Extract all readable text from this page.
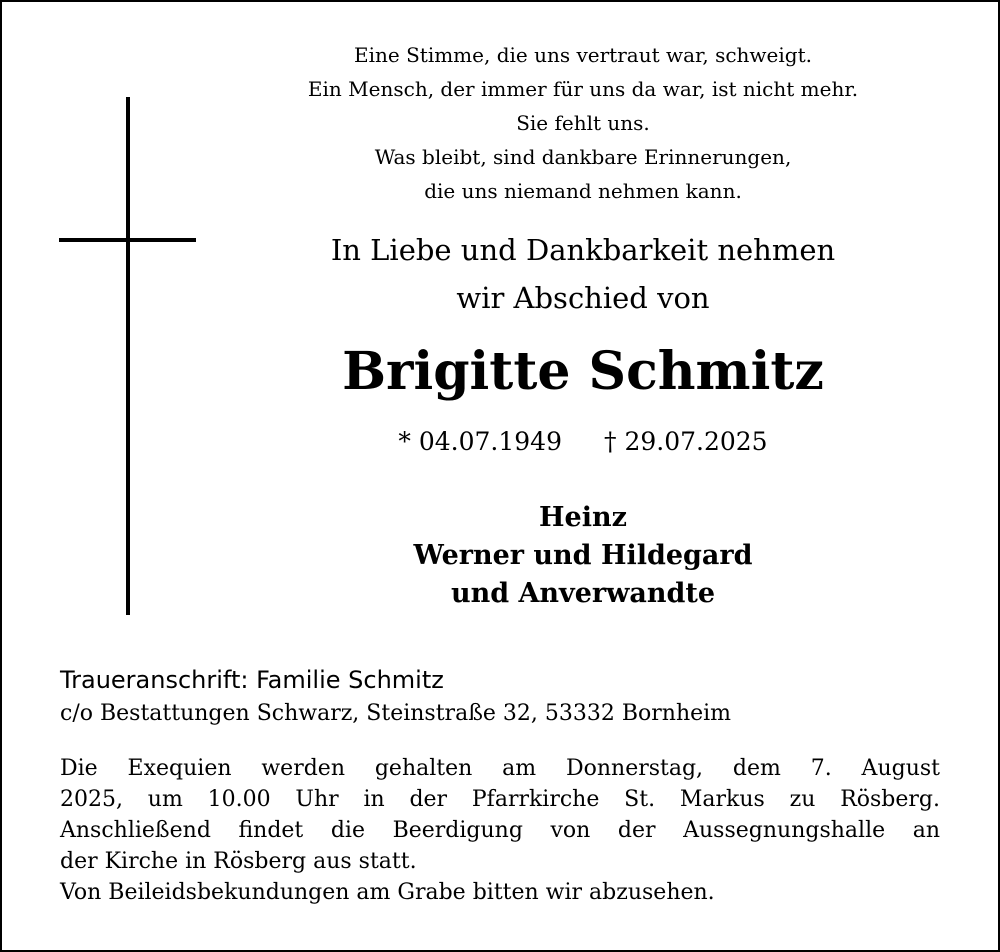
Eine Stimme, die uns vertraut war, schweigt.
Ein Mensch, der immer für uns da war, ist nicht mehr.
Sie fehlt uns.
Was bleibt, sind dankbare Erinnerungen,
die uns niemand nehmen kann.
In Liebe und Dankbarkeit nehmen
wir Abschied von
Brigitte Schmitz
* 04.07.1949 † 29.07.2025
Heinz
Werner und Hildegard
und Anverwandte
Traueranschrift: Familie Schmitz
c/o Bestattungen Schwarz, Steinstraße 32, 53332 Bornheim
Die Exequien werden gehalten am Donnerstag, dem 7. August
2025, um 10.00 Uhr in der Pfarrkirche St. Markus zu Rösberg.
Anschließend findet die Beerdigung von der Aussegnungshalle an
der Kirche in Rösberg aus statt.
Von Beileidsbekundungen am Grabe bitten wir abzusehen.
